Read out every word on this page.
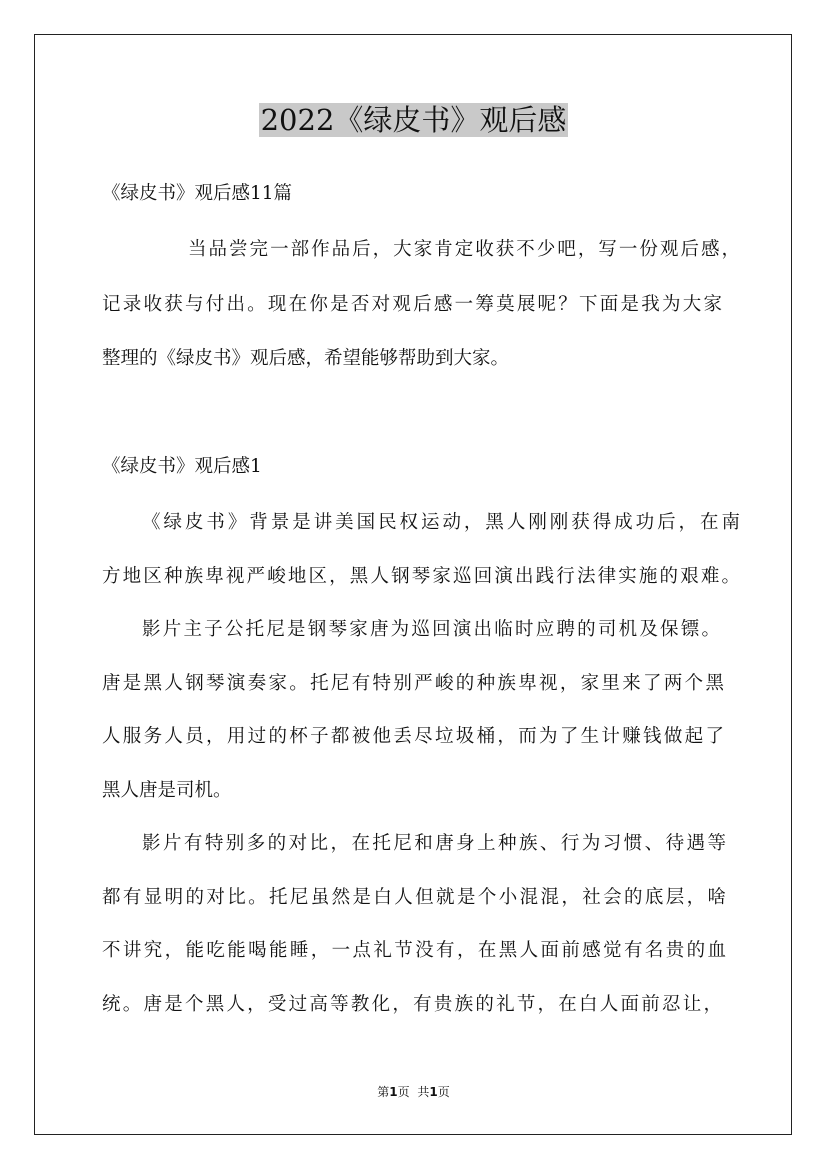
2022《绿皮书》观后感
《绿皮书》观后感11篇
当品尝完一部作品后，大家肯定收获不少吧，写一份观后感，
记录收获与付出。现在你是否对观后感一筹莫展呢？下面是我为大家
整理的《绿皮书》观后感，希望能够帮助到大家。
《绿皮书》观后感1
《绿皮书》背景是讲美国民权运动，黑人刚刚获得成功后，在南
方地区种族卑视严峻地区，黑人钢琴家巡回演出践行法律实施的艰难。
影片主子公托尼是钢琴家唐为巡回演出临时应聘的司机及保镖。
唐是黑人钢琴演奏家。托尼有特别严峻的种族卑视，家里来了两个黑
人服务人员，用过的杯子都被他丢尽垃圾桶，而为了生计赚钱做起了
黑人唐是司机。
影片有特别多的对比，在托尼和唐身上种族、行为习惯、待遇等
都有显明的对比。托尼虽然是白人但就是个小混混，社会的底层，啥
不讲究，能吃能喝能睡，一点礼节没有，在黑人面前感觉有名贵的血
统。唐是个黑人，受过高等教化，有贵族的礼节，在白人面前忍让，
第1页 共1页
